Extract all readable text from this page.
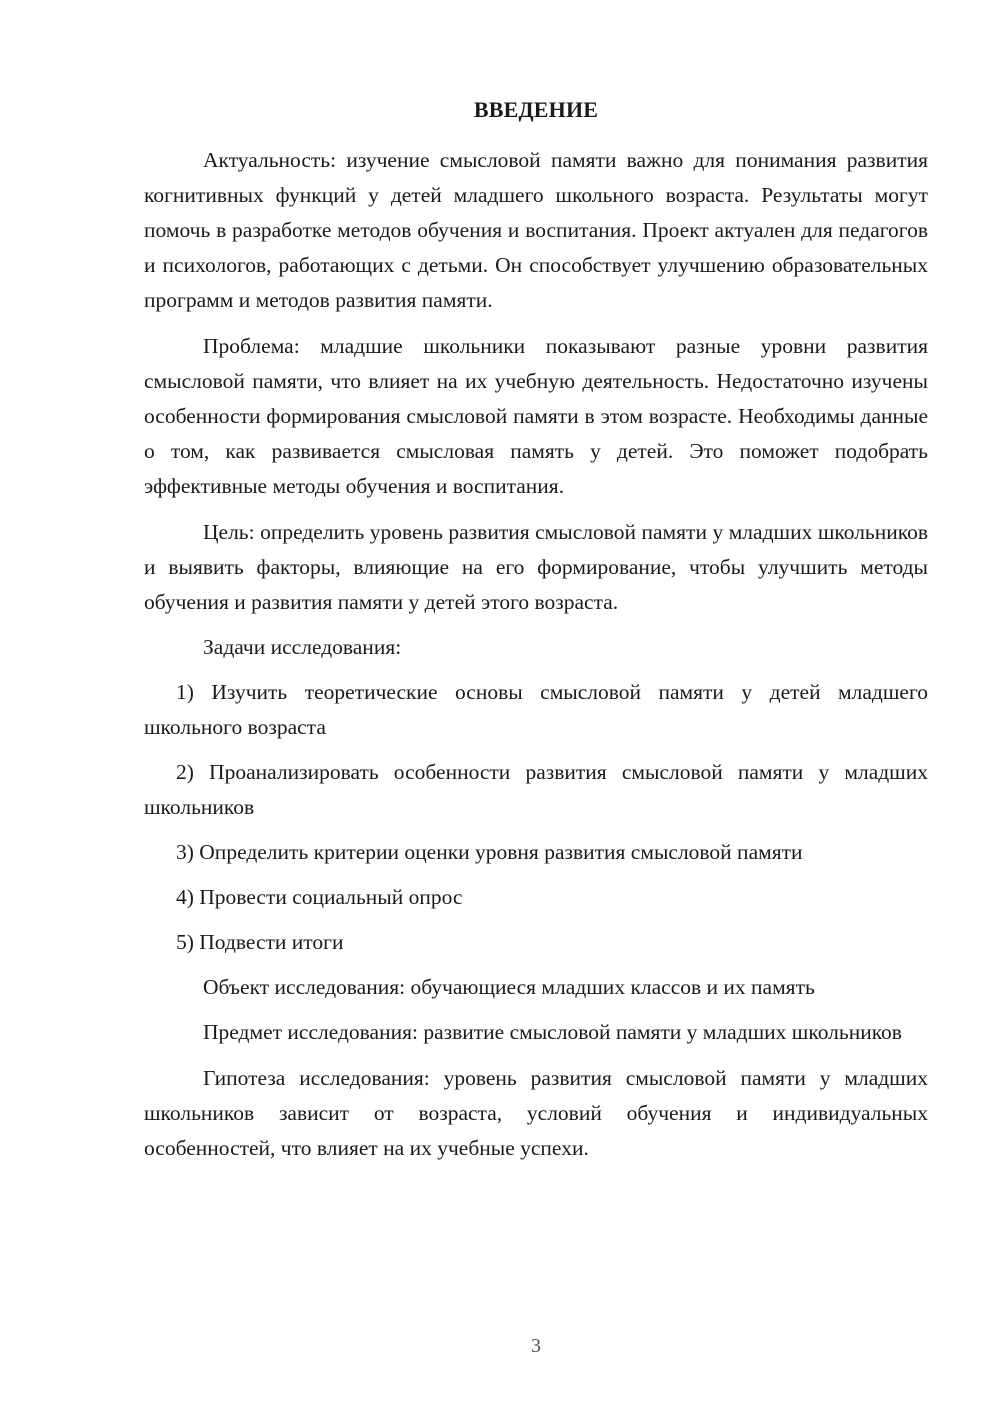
ВВЕДЕНИЕ

Актуальность: изучение смысловой памяти важно для понимания развития когнитивных функций у детей младшего школьного возраста. Результаты могут помочь в разработке методов обучения и воспитания. Проект актуален для педагогов и психологов, работающих с детьми. Он способствует улучшению образовательных программ и методов развития памяти.

Проблема: младшие школьники показывают разные уровни развития смысловой памяти, что влияет на их учебную деятельность. Недостаточно изучены особенности формирования смысловой памяти в этом возрасте. Необходимы данные о том, как развивается смысловая память у детей. Это поможет подобрать эффективные методы обучения и воспитания.

Цель: определить уровень развития смысловой памяти у младших школьников и выявить факторы, влияющие на его формирование, чтобы улучшить методы обучения и развития памяти у детей этого возраста.

Задачи исследования:

1) Изучить теоретические основы смысловой памяти у детей младшего школьного возраста

2) Проанализировать особенности развития смысловой памяти у младших школьников

3) Определить критерии оценки уровня развития смысловой памяти

4) Провести социальный опрос

5) Подвести итоги

Объект исследования: обучающиеся младших классов и их память

Предмет исследования: развитие смысловой памяти у младших школьников

Гипотеза исследования: уровень развития смысловой памяти у младших школьников зависит от возраста, условий обучения и индивидуальных особенностей, что влияет на их учебные успехи.

3
